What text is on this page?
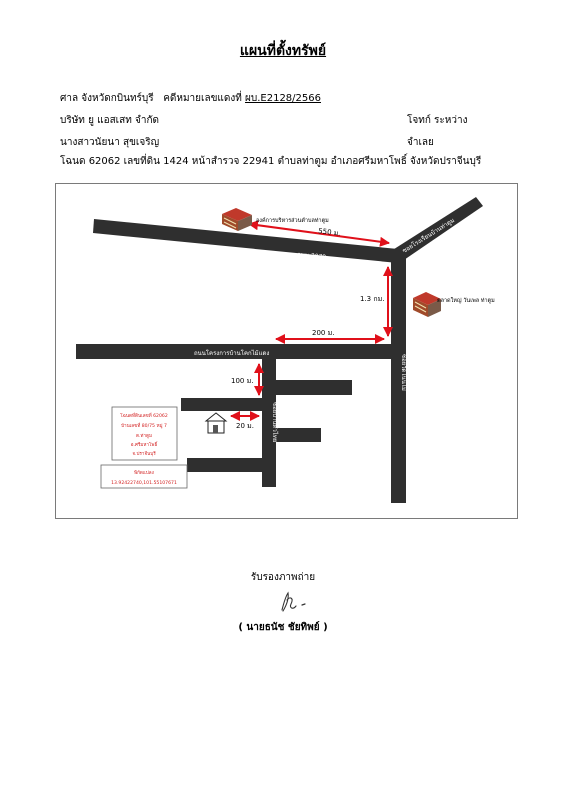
แผนที่ตั้งทรัพย์
ศาล จังหวัดกบินทร์บุรี คดีหมายเลขแดงที่ ผบ.E2128/2566
บริษัท ยู แอสเสท จำกัด	โจทก์ ระหว่าง
นางสาวนัยนา สุขเจริญ	จำเลย
โฉนด 62062 เลขที่ดิน 1424 หน้าสำรวจ 22941 ตำบลท่าตูม อำเภอศรีมหาโพธิ์ จังหวัดปราจีนบุรี
ถนน 3079
ซอยโรงเรียนบ้านท่าตูม
ถนนโครงการบ้านโคกไม้แดง
ซอยวัดโนนไม่
ซอยบ้านทั่วไทย
550 ม.
1.3 กม.
200 ม.
100 ม.
20 ม.
องค์การบริหารส่วนตำบลท่าตูม
ตลาดใหญ่ วันเพล ท่าตูม
โฉนดที่ดินเลขที่ 62062
บ้านเลขที่ 80/75 หมู่ 7
ต.ท่าตูม
อ.ศรีมหาโพธิ์
จ.ปราจีนบุรี
พิกัดแปลง
13.92422740,101.55107671
รับรองภาพถ่าย
( นายธนัช ชัยทิพย์ )
